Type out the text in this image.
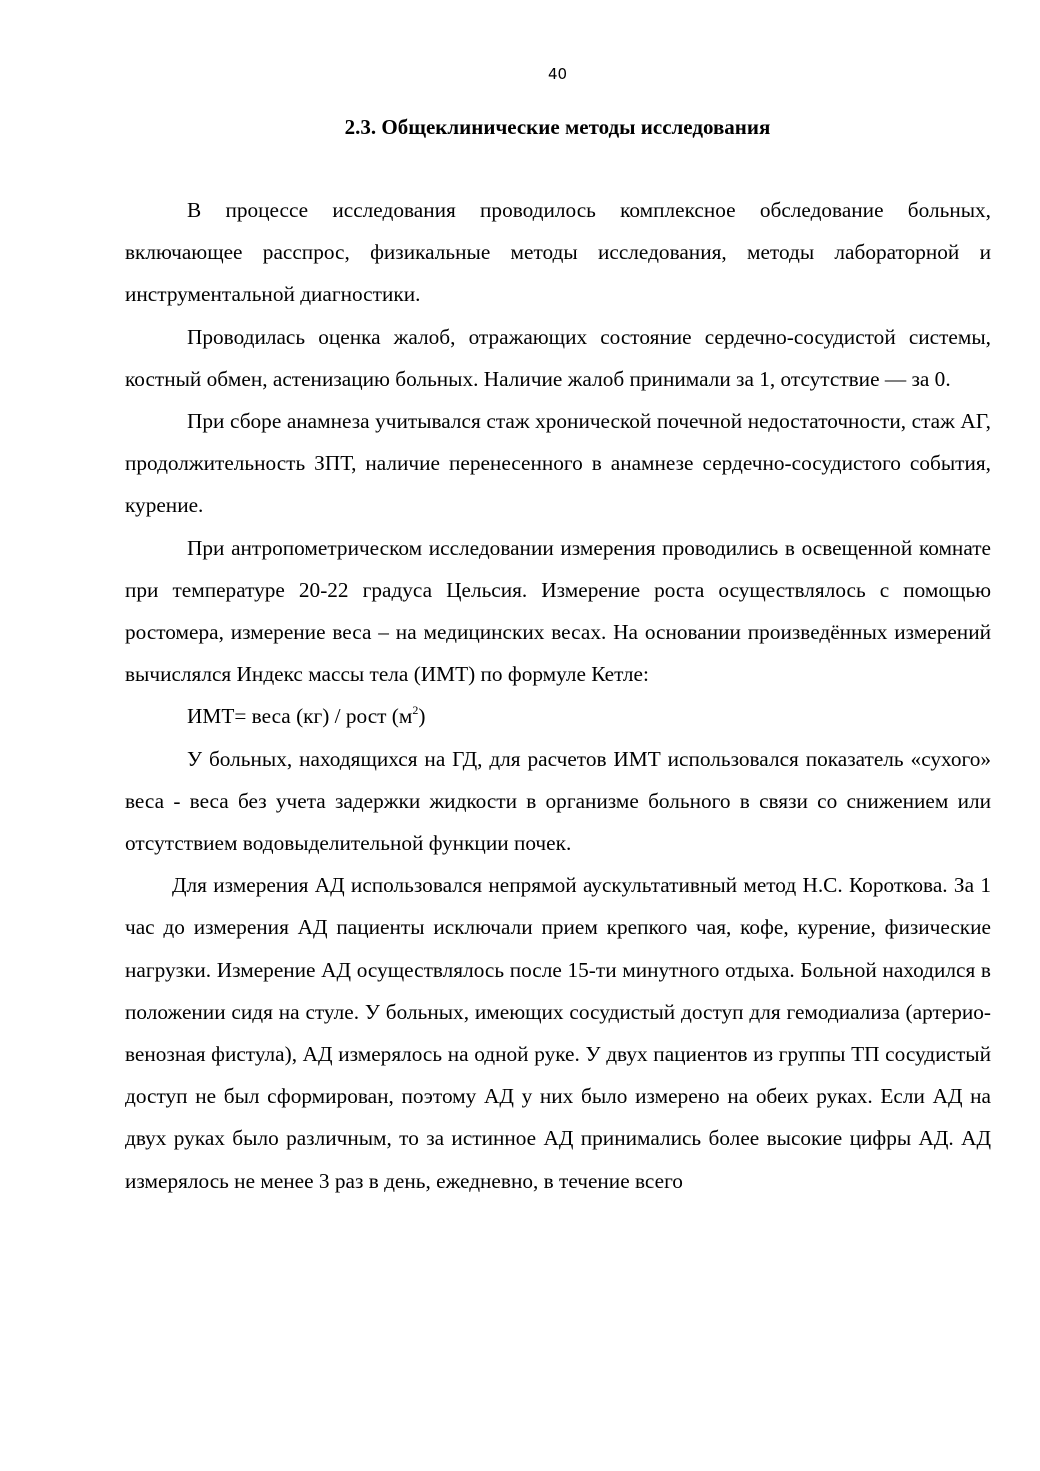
40
2.3. Общеклинические методы исследования

В процессе исследования проводилось комплексное обследование больных, включающее расспрос, физикальные методы исследования, методы лабораторной и инструментальной диагностики.

Проводилась оценка жалоб, отражающих состояние сердечно-сосудистой системы, костный обмен, астенизацию больных. Наличие жалоб принимали за 1, отсутствие — за 0.

При сборе анамнеза учитывался стаж хронической почечной недостаточности, стаж АГ, продолжительность ЗПТ, наличие перенесенного в анамнезе сердечно-сосудистого события, курение.

При антропометрическом исследовании измерения проводились в освещенной комнате при температуре 20-22 градуса Цельсия. Измерение роста осуществлялось с помощью ростомера, измерение веса – на медицинских весах. На основании произведённых измерений вычислялся Индекс массы тела (ИМТ) по формуле Кетле:

ИМТ= веса (кг) / рост $(м^2)$

У больных, находящихся на ГД, для расчетов ИМТ использовался показатель «сухого» веса - веса без учета задержки жидкости в организме больного в связи со снижением или отсутствием водовыделительной функции почек.

Для измерения АД использовался непрямой аускультативный метод Н.С. Короткова. За 1 час до измерения АД пациенты исключали прием крепкого чая, кофе, курение, физические нагрузки. Измерение АД осуществлялось после 15-ти минутного отдыха. Больной находился в положении сидя на стуле. У больных, имеющих сосудистый доступ для гемодиализа (артерио-венозная фистула), АД измерялось на одной руке. У двух пациентов из группы ТП сосудистый доступ не был сформирован, поэтому АД у них было измерено на обеих руках. Если АД на двух руках было различным, то за истинное АД принимались более высокие цифры АД. АД измерялось не менее 3 раз в день, ежедневно, в течение всего
